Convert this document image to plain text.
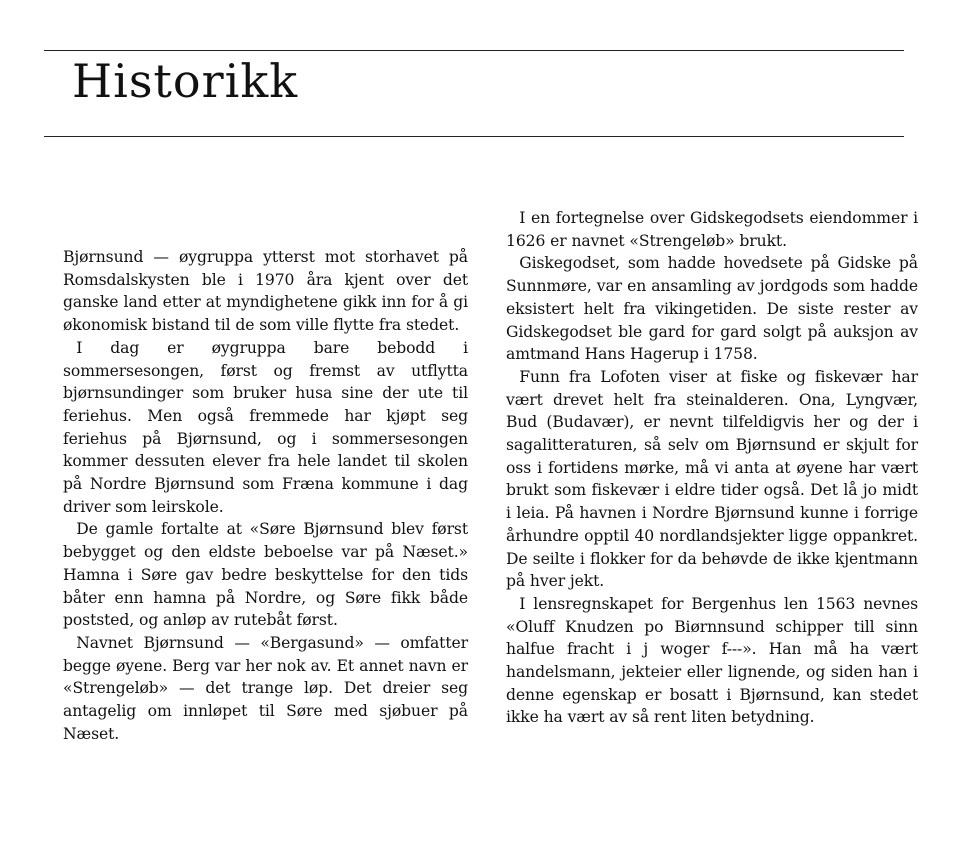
Historikk

Bjørnsund — øygruppa ytterst mot storhavet på Romsdalskysten ble i 1970 åra kjent over det ganske land etter at myndighetene gikk inn for å gi økonomisk bistand til de som ville flytte fra stedet.

I dag er øygruppa bare bebodd i sommersesongen, først og fremst av utflytta bjørnsundinger som bruker husa sine der ute til feriehus. Men også fremmede har kjøpt seg feriehus på Bjørnsund, og i sommersesongen kommer dessuten elever fra hele landet til skolen på Nordre Bjørnsund som Fræna kommune i dag driver som leirskole.

De gamle fortalte at «Søre Bjørnsund blev først bebygget og den eldste beboelse var på Næset.» Hamna i Søre gav bedre beskyttelse for den tids båter enn hamna på Nordre, og Søre fikk både poststed, og anløp av rutebåt først.

Navnet Bjørnsund — «Bergasund» — omfatter begge øyene. Berg var her nok av. Et annet navn er «Strengeløb» — det trange løp. Det dreier seg antagelig om innløpet til Søre med sjøbuer på Næset.

I en fortegnelse over Gidskegodsets eiendommer i 1626 er navnet «Strengeløb» brukt.

Giskegodset, som hadde hovedsete på Gidske på Sunnmøre, var en ansamling av jordgods som hadde eksistert helt fra vikingetiden. De siste rester av Gidskegodset ble gard for gard solgt på auksjon av amtmand Hans Hagerup i 1758.

Funn fra Lofoten viser at fiske og fiskevær har vært drevet helt fra steinalderen. Ona, Lyngvær, Bud (Budavær), er nevnt tilfeldigvis her og der i sagalitteraturen, så selv om Bjørnsund er skjult for oss i fortidens mørke, må vi anta at øyene har vært brukt som fiskevær i eldre tider også. Det lå jo midt i leia. På havnen i Nordre Bjørnsund kunne i forrige århundre opptil 40 nordlandsjekter ligge oppankret. De seilte i flokker for da behøvde de ikke kjentmann på hver jekt.

I lensregnskapet for Bergenhus len 1563 nevnes «Oluff Knudzen po Biørnnsund schipper till sinn halfue fracht i j woger f---». Han må ha vært handelsmann, jekteier eller lignende, og siden han i denne egenskap er bosatt i Bjørnsund, kan stedet ikke ha vært av så rent liten betydning.
